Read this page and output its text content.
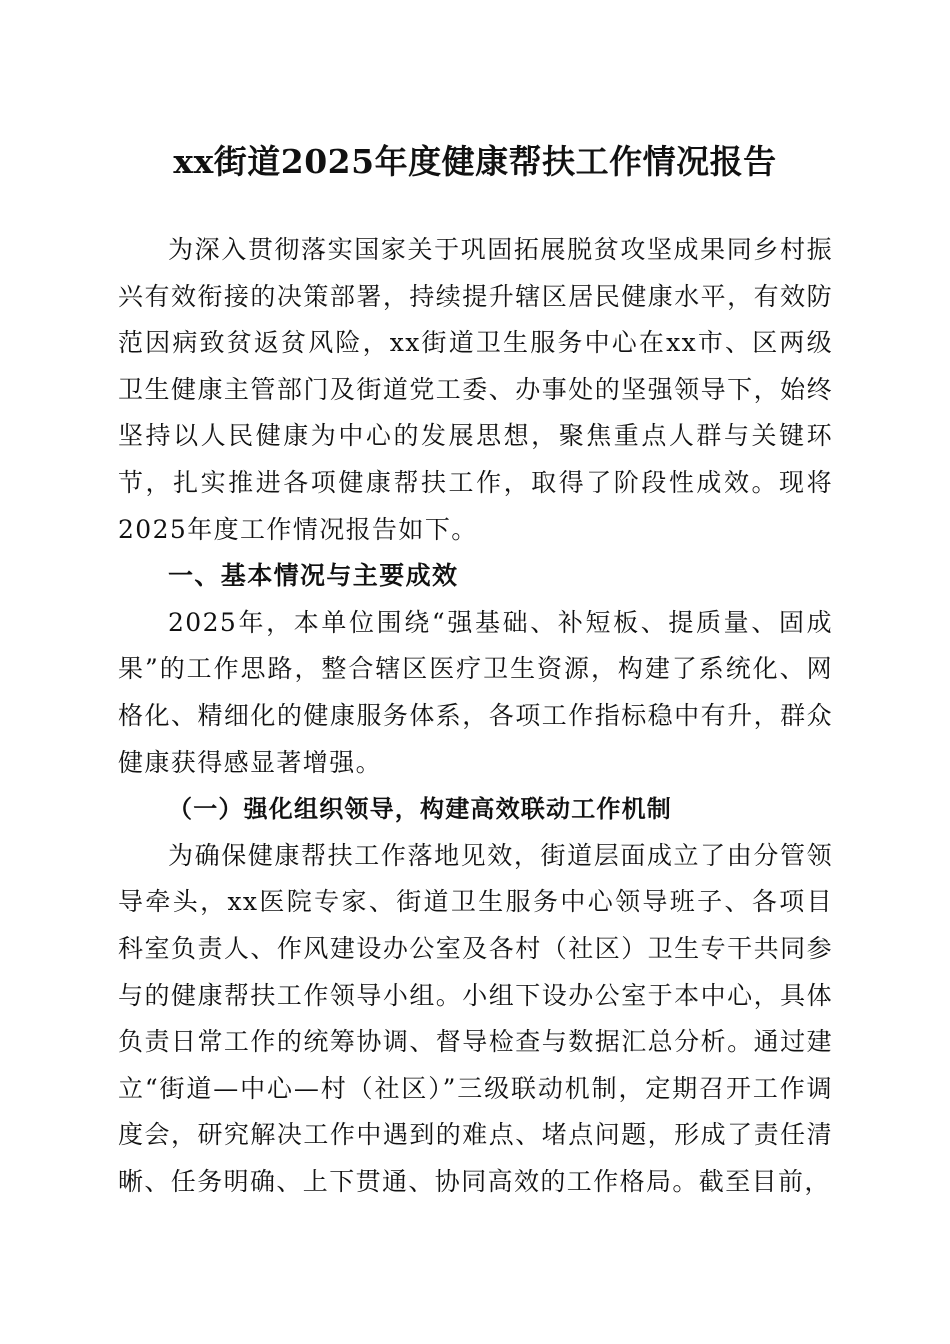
xx街道2025年度健康帮扶工作情况报告

为深入贯彻落实国家关于巩固拓展脱贫攻坚成果同乡村振兴有效衔接的决策部署，持续提升辖区居民健康水平，有效防范因病致贫返贫风险，xx街道卫生服务中心在xx市、区两级卫生健康主管部门及街道党工委、办事处的坚强领导下，始终坚持以人民健康为中心的发展思想，聚焦重点人群与关键环节，扎实推进各项健康帮扶工作，取得了阶段性成效。现将2025年度工作情况报告如下。

一、基本情况与主要成效

2025年，本单位围绕“强基础、补短板、提质量、固成果”的工作思路，整合辖区医疗卫生资源，构建了系统化、网格化、精细化的健康服务体系，各项工作指标稳中有升，群众健康获得感显著增强。

（一）强化组织领导，构建高效联动工作机制

为确保健康帮扶工作落地见效，街道层面成立了由分管领导牵头，xx医院专家、街道卫生服务中心领导班子、各项目科室负责人、作风建设办公室及各村（社区）卫生专干共同参与的健康帮扶工作领导小组。小组下设办公室于本中心，具体负责日常工作的统筹协调、督导检查与数据汇总分析。通过建立“街道—中心—村（社区）”三级联动机制，定期召开工作调度会，研究解决工作中遇到的难点、堵点问题，形成了责任清晰、任务明确、上下贯通、协同高效的工作格局。截至目前，
